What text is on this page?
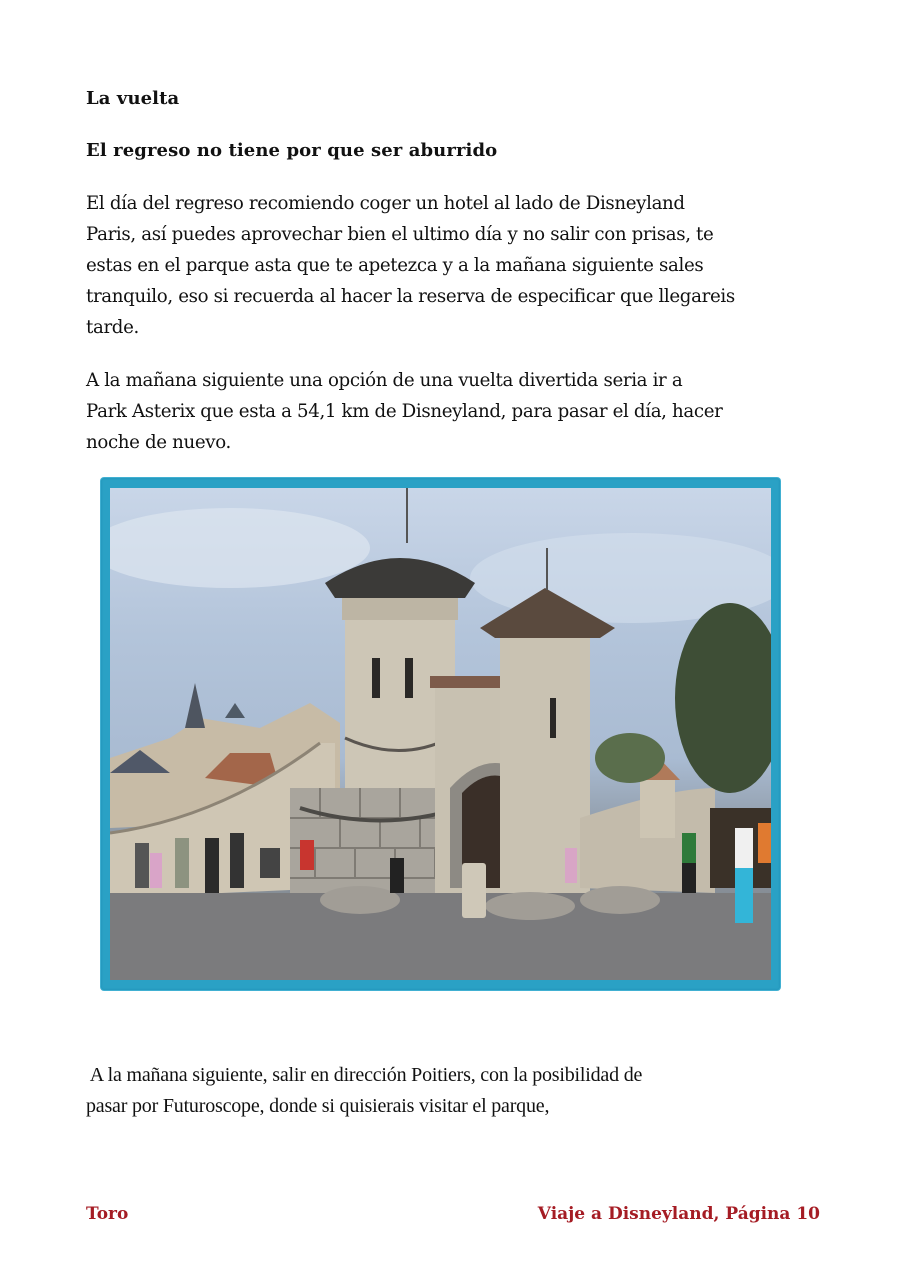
La vuelta
El regreso no tiene por que ser aburrido
El día del regreso recomiendo coger un hotel al lado de Disneyland
Paris, así puedes aprovechar bien el ultimo día y no salir con prisas, te
estas en el parque asta que te apetezca y a la mañana siguiente sales
tranquilo, eso si recuerda al hacer la reserva de especificar que llegareis
tarde.
A la mañana siguiente una opción de una vuelta divertida seria ir a
Park Asterix que esta a 54,1 km de Disneyland, para pasar el día, hacer
noche de nuevo.
A la mañana siguiente, salir en dirección Poitiers, con la posibilidad de
pasar por Futuroscope, donde si quisierais visitar el parque,
Toro	Viaje a Disneyland, Página 10
